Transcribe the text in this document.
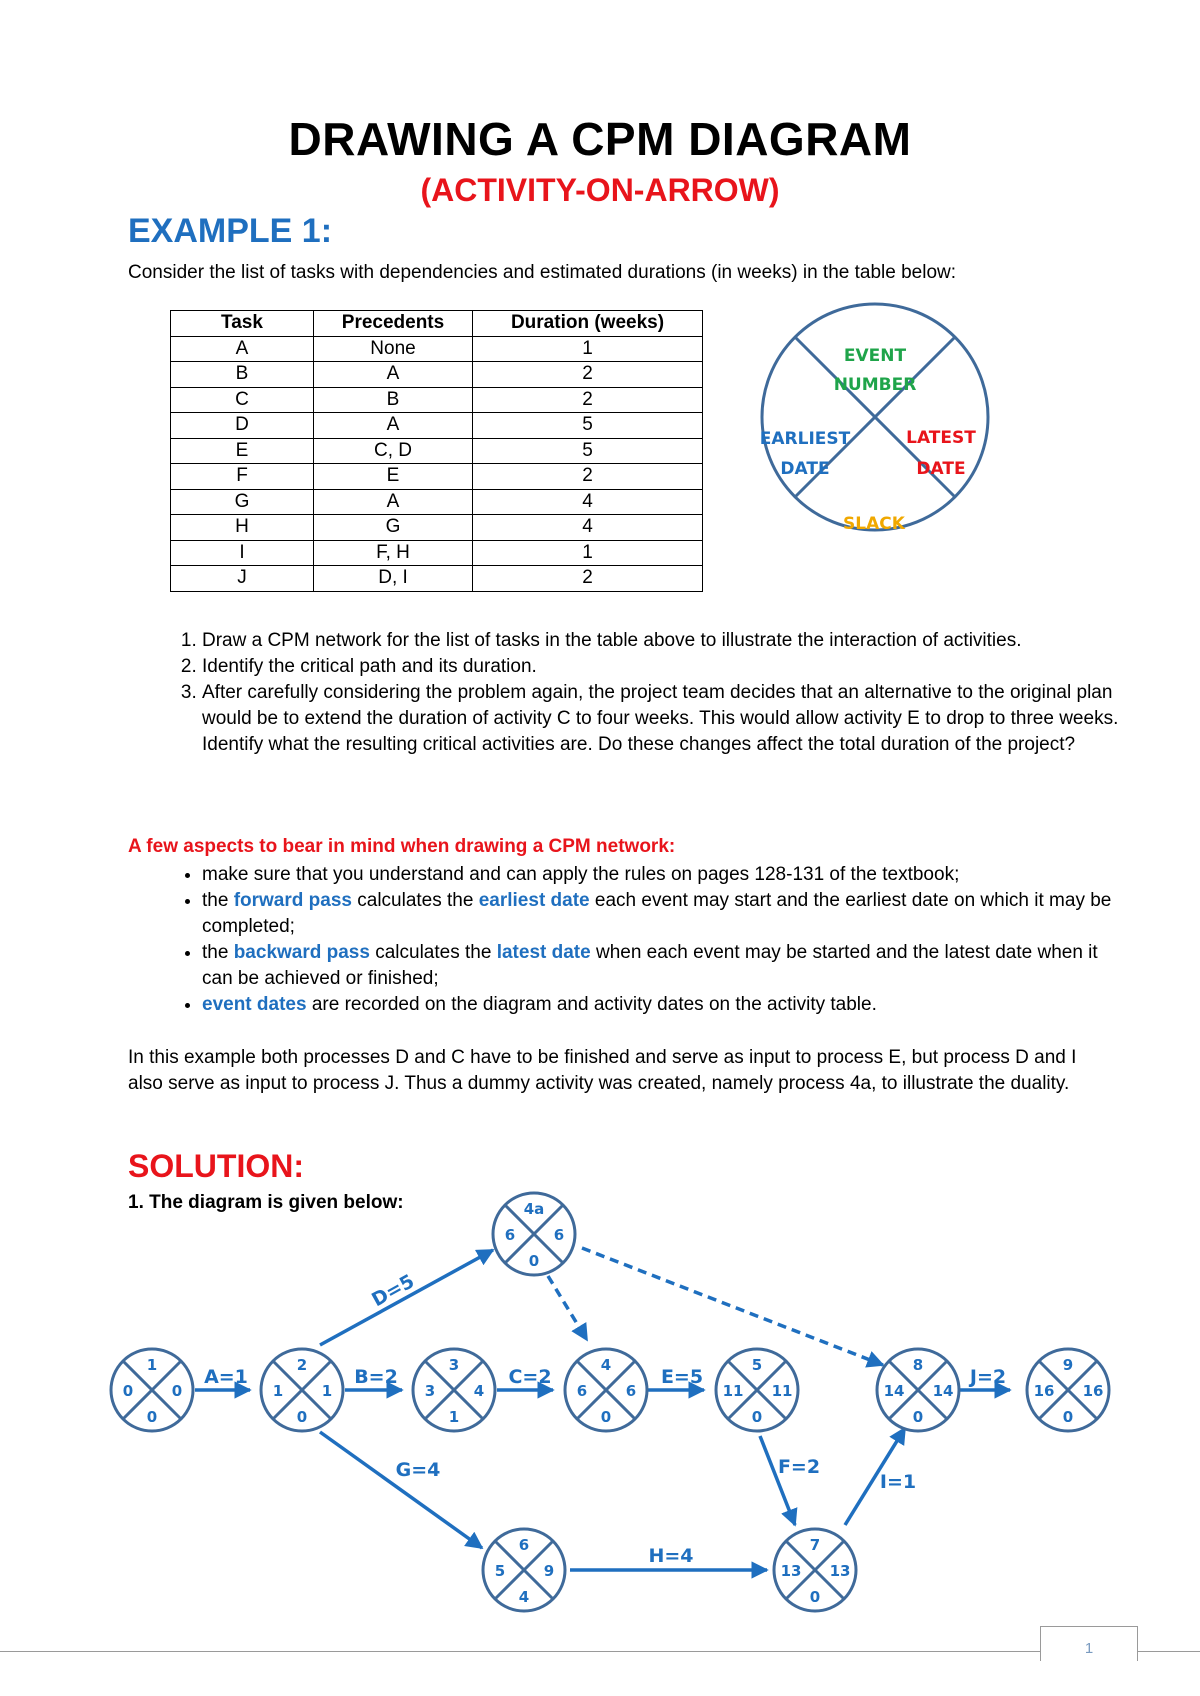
DRAWING A CPM DIAGRAM
(ACTIVITY-ON-ARROW)
EXAMPLE 1:
Consider the list of tasks with dependencies and estimated durations (in weeks) in the table below:
Task	Precedents	Duration (weeks)
A	None	1
B	A	2
C	B	2
D	A	5
E	C, D	5
F	E	2
G	A	4
H	G	4
I	F, H	1
J	D, I	2
1. Draw a CPM network for the list of tasks in the table above to illustrate the interaction of activities.
2. Identify the critical path and its duration.
3. After carefully considering the problem again, the project team decides that an alternative to the original plan would be to extend the duration of activity C to four weeks. This would allow activity E to drop to three weeks. Identify what the resulting critical activities are. Do these changes affect the total duration of the project?
A few aspects to bear in mind when drawing a CPM network:
• make sure that you understand and can apply the rules on pages 128-131 of the textbook;
• the forward pass calculates the earliest date each event may start and the earliest date on which it may be completed;
• the backward pass calculates the latest date when each event may be started and the latest date when it can be achieved or finished;
• event dates are recorded on the diagram and activity dates on the activity table.
In this example both processes D and C have to be finished and serve as input to process E, but process D and I also serve as input to process J. Thus a dummy activity was created, namely process 4a, to illustrate the duality.
SOLUTION:
1. The diagram is given below:
EVENT
NUMBER
EARLIEST
DATE
LATEST
DATE
SLACK
A=1	B=2	C=2	E=5	J=2
D=5
G=4
H=4
F=2
I=1
1
0	0
0
2
1	1
0
3
3	4
1
4
6	6
0
5
11 11
0
8
14 14
0
9
16 16
0
4a
6	6
0
6
5	9
4
7
13 13
0
1
